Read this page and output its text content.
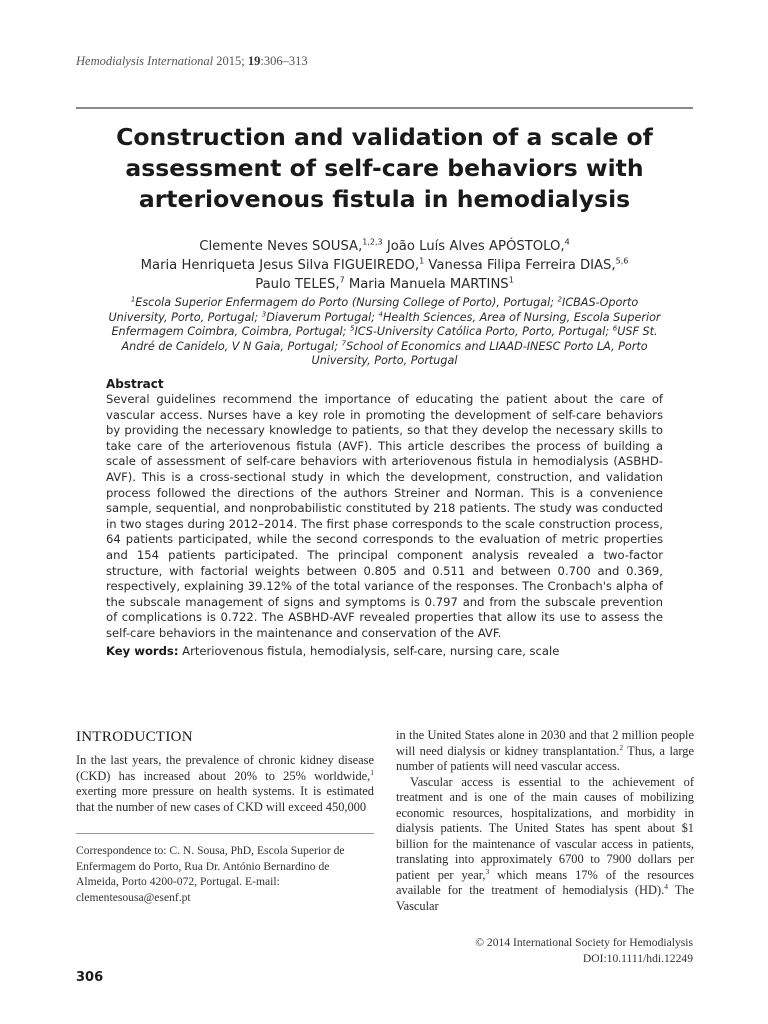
Hemodialysis International 2015; 19:306–313
Construction and validation of a scale of assessment of self-care behaviors with arteriovenous fistula in hemodialysis
Clemente Neves SOUSA,$^{1,2,3}$ João Luís Alves APÓSTOLO,$^4$
Maria Henriqueta Jesus Silva FIGUEIREDO,$^1$ Vanessa Filipa Ferreira DIAS,$^{5,6}$
Paulo TELES,$^7$ Maria Manuela MARTINS$^1$
$^1$Escola Superior Enfermagem do Porto (Nursing College of Porto), Portugal; $^2$ICBAS-Oporto University, Porto, Portugal; $^3$Diaverum Portugal; $^4$Health Sciences, Area of Nursing, Escola Superior Enfermagem Coimbra, Coimbra, Portugal; $^5$ICS-University Católica Porto, Porto, Portugal; $^6$USF St. André de Canidelo, V N Gaia, Portugal; $^7$School of Economics and LIAAD-INESC Porto LA, Porto University, Porto, Portugal
Abstract

Several guidelines recommend the importance of educating the patient about the care of vascular access. Nurses have a key role in promoting the development of self-care behaviors by providing the necessary knowledge to patients, so that they develop the necessary skills to take care of the arteriovenous fistula (AVF). This article describes the process of building a scale of assessment of self-care behaviors with arteriovenous fistula in hemodialysis (ASBHD-AVF). This is a cross-sectional study in which the development, construction, and validation process followed the directions of the authors Streiner and Norman. This is a convenience sample, sequential, and nonprobabilistic constituted by 218 patients. The study was conducted in two stages during 2012–2014. The first phase corresponds to the scale construction process, 64 patients participated, while the second corresponds to the evaluation of metric properties and 154 patients participated. The principal component analysis revealed a two-factor structure, with factorial weights between 0.805 and 0.511 and between 0.700 and 0.369, respectively, explaining 39.12% of the total variance of the responses. The Cronbach's alpha of the subscale management of signs and symptoms is 0.797 and from the subscale prevention of complications is 0.722. The ASBHD-AVF revealed properties that allow its use to assess the self-care behaviors in the maintenance and conservation of the AVF.

Key words: Arteriovenous fistula, hemodialysis, self-care, nursing care, scale
INTRODUCTION

In the last years, the prevalence of chronic kidney disease (CKD) has increased about 20% to 25% worldwide,$^1$ exerting more pressure on health systems. It is estimated that the number of new cases of CKD will exceed 450,000

Correspondence to: C. N. Sousa, PhD, Escola Superior de Enfermagem do Porto, Rua Dr. António Bernardino de Almeida, Porto 4200-072, Portugal. E-mail: clementesousa@esenf.pt

in the United States alone in 2030 and that 2 million people will need dialysis or kidney transplantation.$^2$ Thus, a large number of patients will need vascular access.

Vascular access is essential to the achievement of treatment and is one of the main causes of mobilizing economic resources, hospitalizations, and morbidity in dialysis patients. The United States has spent about $1 billion for the maintenance of vascular access in patients, translating into approximately 6700 to 7900 dollars per patient per year,$^3$ which means 17% of the resources available for the treatment of hemodialysis (HD).$^4$ The Vascular

© 2014 International Society for Hemodialysis
DOI:10.1111/hdi.12249
306
